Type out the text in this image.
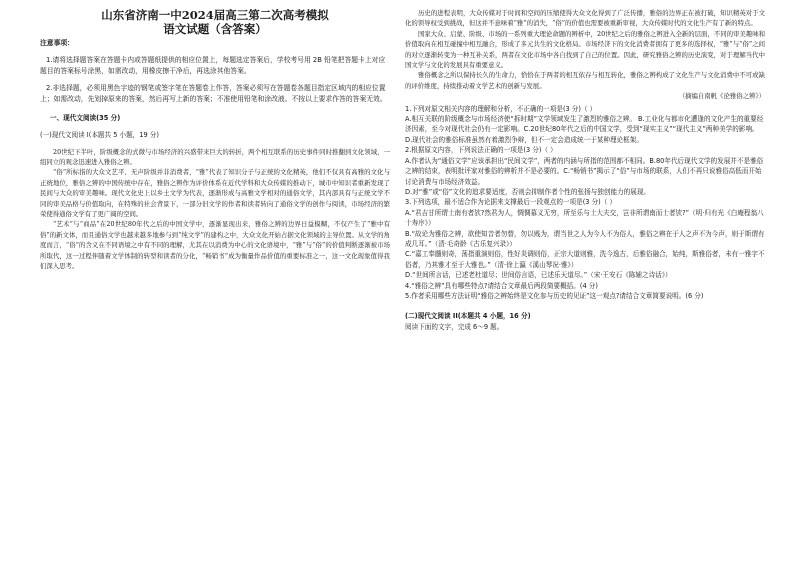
山东省济南一中2024届高三第二次高考模拟

语文试题（含答案）

注意事项：

1.请将选择题答案在答题卡内或答题纸提供的相应位置上，每题选定答案后，学校考号用 2B 铅笔把答题卡上对应题目的答案标号涂黑，如需改动，用橡皮擦干净后，再选涂其他答案。

2.非选择题，必须用黑色字迹的钢笔或签字笔在答题卷上作答，答案必须写在答题卷各题目指定区域内的相应位置上；如需改动，先划掉原来的答案，然后再写上新的答案；不准使用铅笔和涂改液。不按以上要求作答的答案无效。

一、现代文阅读(35 分)

(一)现代文阅读 I(本题共 5 小题，19 分)

20世纪下半叶，阶级概念的式微与市场经济的兴盛带来巨大的转折，两个相互联系的历史事件同时推翻到文化领域，一组同立的观念迅速进入雅俗之辨。

“俗”所标指的大众文艺平、无声阶级并非消费者，“雅”代表了知识分子与正统的文化精英，他们不仅具有高雅的文化与正统地位，雅俗之辨的中国传统中存在，雅俗之辨作为评价体系在近代学科和大众传媒的推动下，城市中知识者重新发现了民间与大众的审美趣味。现代文化史上以乡土文学为代表，逐渐形成与高雅文学相对的通俗文学，其内部具有与正统文学不同的审美品格与价值取向，在特殊的社会背景下，一部分旧文学的作者和读者转向了通俗文学的创作与阅读，市场经济的繁荣使得通俗文学有了更广阔的空间。

“艺术”与“商品”在20世纪80年代之后的中国文学中，逐渐显现出来，雅俗之辨的边界日益模糊，不仅产生了“雅中有俗”的新文体，而且通俗文学也越来越多地参与到“纯文学”的建构之中，大众文化开始占据文化领域的主导位置。从文学的角度而言，“俗”的含义在不同语境之中有不同的理解，尤其在以消费为中心的文化语境中，“雅”与“俗”的价值判断逐渐被市场所取代，这一过程伴随着文学体制的转型和读者的分化，“畅销书”成为衡量作品价值的重要标准之一，这一文化现象值得我们深入思考。

历史的进程表明，大众传媒对于时间和空间的压缩使得大众文化得到了广泛传播，雅俗的边界正在被打破，知识精英对于文化的领导权受到挑战，但这并不意味着“雅”的消失，“俗”的价值也需要被重新审视，大众传媒时代的文化生产有了新的特点。

国家大众、启蒙、阶级、市场的一系列重大理论命题的辨析中，20世纪之后的雅俗之辨进入全新的层面，不同的审美趣味和价值取向在相互碰撞中相互融合，形成了多元共生的文化格局。市场经济下的文化消费者拥有了更多的选择权，“雅”与“俗”之间的对立逐渐转变为一种互补关系，两者在文化市场中各自找到了自己的位置。因此，研究雅俗之辨的历史演变，对于理解当代中国文学与文化的发展具有重要意义。

雅俗概念之所以保持长久的生命力，恰恰在于两者的相互依存与相互转化，雅俗之辨构成了文化生产与文化消费中不可或缺的评价维度，持续推动着文学艺术的创新与发展。

（摘编自南帆《论雅俗之辨》）

1.下列对原文相关内容的理解和分析，不正确的一项是(3 分)（ ）

A.相互关联的阶级概念与市场经济使“拆时期”文学领域发生了激烈的雅俗之辨。 B.工业化与都市化遭逢的文化产生的重要经济因素，至今对现代社会仍有一定影响。C.20世纪80年代之后的中国文学，受到“现实主义”“现代主义”两种美学的影响。D.现代社会的雅俗标准虽然有着激烈争辩，但不一定会造成统一于某种理论框架。

2.根据原文内容，下列说法正确的一项是(3 分)（ ）

A.作者认为“通俗文学”应该承担出“民间文学”，两者的内涵与所指的范围都不相同。B.80年代后现代文学的发展并不是雅俗之辨的结束，表明批评家对雅俗的辨析并不是必要的。C.“畅销书”揭示了“俗”与市场的联系，人们不再只说雅俗高低而开始讨论消费与市场经济效益。

D.对“雅”或“俗”文化的追求要适度，否则会抑制作者个性的张扬与独创能力的展现。

3.下列选项，最不适合作为论据来支撑最后一段观点的一项是(3 分)（ ）

A.“君吉甘所谓士南有者欤?然君为人，惆惆慕义无穷，所至乐与士大夫交，岂非所谓南而士者欤?”（明·归有光《白庵程翁八十寿序》）

B.“故论为雅俗之辨，欲使知音者勿替，勿以贱为，谓当世之人为今人不为俗人，雅俗之辨在于人之声不为今声，则于斯谓有成几耳。”（清·毛奇龄《古乐复兴录》）

C.“嘉工奉髓则奇，荡指重演则俗，性好炎调则俗，正宗大道则雅，洗今逸古，后雅俗融合，始纯，斯雅俗者，未有一雅字不俗者，乃其雅才至于大雅也。”（清·徐上瀛《溪山琴况·雅》）

D.“世间所言话，已述老杜道尽；世间俗言语，已述乐天道尽。”（宋·王安石《陈辅之诗话》）

4.“雅俗之辨”具有哪些特点?请结合文章最后两段简要概括。(4 分)

5.作者采用哪些方法证明“雅俗之辨始终是文化参与历史的见证”这一观点?请结合文章简要说明。(6 分)

(二)现代文阅读 II(本题共 4 小题，16 分)

阅读下面的文字，完成 6～9 题。
